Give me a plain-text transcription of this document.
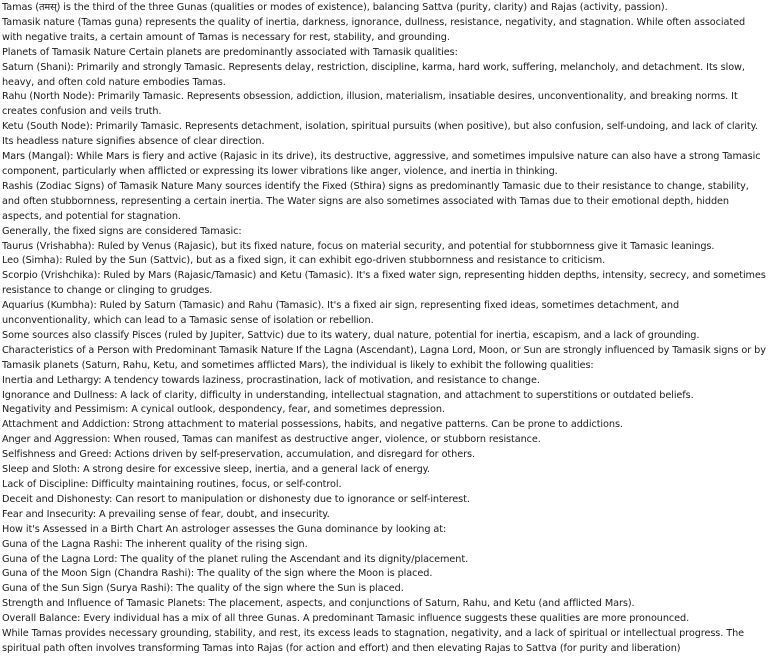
Tamas (तमस्) is the third of the three Gunas (qualities or modes of existence), balancing Sattva (purity, clarity) and Rajas (activity, passion).

Tamasik nature (Tamas guna) represents the quality of inertia, darkness, ignorance, dullness, resistance, negativity, and stagnation. While often associated with negative traits, a certain amount of Tamas is necessary for rest, stability, and grounding.

Planets of Tamasik Nature Certain planets are predominantly associated with Tamasik qualities:

Saturn (Shani): Primarily and strongly Tamasic. Represents delay, restriction, discipline, karma, hard work, suffering, melancholy, and detachment. Its slow, heavy, and often cold nature embodies Tamas.

Rahu (North Node): Primarily Tamasic. Represents obsession, addiction, illusion, materialism, insatiable desires, unconventionality, and breaking norms. It creates confusion and veils truth.

Ketu (South Node): Primarily Tamasic. Represents detachment, isolation, spiritual pursuits (when positive), but also confusion, self-undoing, and lack of clarity. Its headless nature signifies absence of clear direction.

Mars (Mangal): While Mars is fiery and active (Rajasic in its drive), its destructive, aggressive, and sometimes impulsive nature can also have a strong Tamasic component, particularly when afflicted or expressing its lower vibrations like anger, violence, and inertia in thinking.

Rashis (Zodiac Signs) of Tamasik Nature Many sources identify the Fixed (Sthira) signs as predominantly Tamasic due to their resistance to change, stability, and often stubbornness, representing a certain inertia. The Water signs are also sometimes associated with Tamas due to their emotional depth, hidden aspects, and potential for stagnation.

Generally, the fixed signs are considered Tamasic:

Taurus (Vrishabha): Ruled by Venus (Rajasic), but its fixed nature, focus on material security, and potential for stubbornness give it Tamasic leanings.

Leo (Simha): Ruled by the Sun (Sattvic), but as a fixed sign, it can exhibit ego-driven stubbornness and resistance to criticism.

Scorpio (Vrishchika): Ruled by Mars (Rajasic/Tamasic) and Ketu (Tamasic). It's a fixed water sign, representing hidden depths, intensity, secrecy, and sometimes resistance to change or clinging to grudges.

Aquarius (Kumbha): Ruled by Saturn (Tamasic) and Rahu (Tamasic). It's a fixed air sign, representing fixed ideas, sometimes detachment, and unconventionality, which can lead to a Tamasic sense of isolation or rebellion.

Some sources also classify Pisces (ruled by Jupiter, Sattvic) due to its watery, dual nature, potential for inertia, escapism, and a lack of grounding.

Characteristics of a Person with Predominant Tamasik Nature If the Lagna (Ascendant), Lagna Lord, Moon, or Sun are strongly influenced by Tamasik signs or by Tamasik planets (Saturn, Rahu, Ketu, and sometimes afflicted Mars), the individual is likely to exhibit the following qualities:

Inertia and Lethargy: A tendency towards laziness, procrastination, lack of motivation, and resistance to change.

Ignorance and Dullness: A lack of clarity, difficulty in understanding, intellectual stagnation, and attachment to superstitions or outdated beliefs.

Negativity and Pessimism: A cynical outlook, despondency, fear, and sometimes depression.

Attachment and Addiction: Strong attachment to material possessions, habits, and negative patterns. Can be prone to addictions.

Anger and Aggression: When roused, Tamas can manifest as destructive anger, violence, or stubborn resistance.

Selfishness and Greed: Actions driven by self-preservation, accumulation, and disregard for others.

Sleep and Sloth: A strong desire for excessive sleep, inertia, and a general lack of energy.

Lack of Discipline: Difficulty maintaining routines, focus, or self-control.

Deceit and Dishonesty: Can resort to manipulation or dishonesty due to ignorance or self-interest.

Fear and Insecurity: A prevailing sense of fear, doubt, and insecurity.

How it's Assessed in a Birth Chart An astrologer assesses the Guna dominance by looking at:

Guna of the Lagna Rashi: The inherent quality of the rising sign.

Guna of the Lagna Lord: The quality of the planet ruling the Ascendant and its dignity/placement.

Guna of the Moon Sign (Chandra Rashi): The quality of the sign where the Moon is placed.

Guna of the Sun Sign (Surya Rashi): The quality of the sign where the Sun is placed.

Strength and Influence of Tamasic Planets: The placement, aspects, and conjunctions of Saturn, Rahu, and Ketu (and afflicted Mars).

Overall Balance: Every individual has a mix of all three Gunas. A predominant Tamasic influence suggests these qualities are more pronounced.

While Tamas provides necessary grounding, stability, and rest, its excess leads to stagnation, negativity, and a lack of spiritual or intellectual progress. The spiritual path often involves transforming Tamas into Rajas (for action and effort) and then elevating Rajas to Sattva (for purity and liberation)
